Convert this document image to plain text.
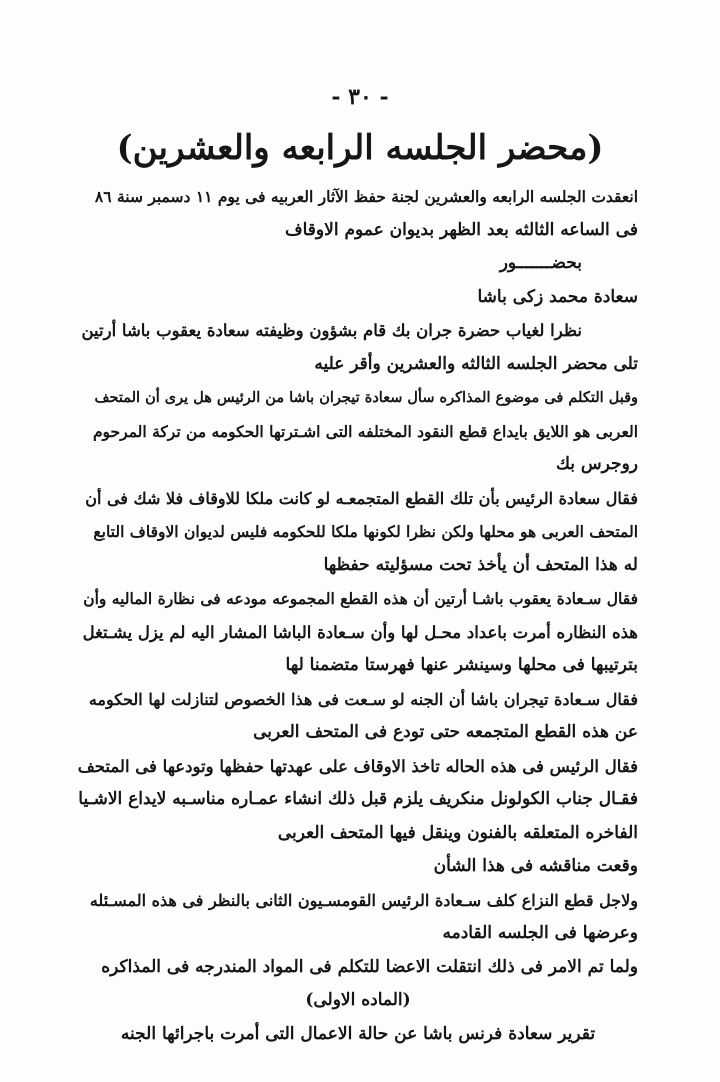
- ٣٠ -
(محضر الجلسه الرابعه والعشرين)
انعقدت الجلسه الرابعه والعشرين لجنة حفظ الآثار العربيه فى يوم ١١ دسمبر سنة ٨٦
فى الساعه الثالثه بعد الظهر بديوان عموم الاوقاف
بحضـــــــور
سعادة محمد زكى باشا
نظرا لغياب حضرة جران بك قام بشؤون وظيفته سعادة يعقوب باشا أرتين
تلى محضر الجلسه الثالثه والعشرين وأقر عليه
وقبل التكلم فى موضوع المذاكره سأل سعادة تيجران باشا من الرئيس هل يرى أن المتحف
العربى هو اللايق بايداع قطع النقود المختلفه التى اشـترتها الحكومه من تركة المرحوم
روجرس بك
فقال سعادة الرئيس بأن تلك القطع المتجمعـه لو كانت ملكا للاوقاف فلا شك فى أن
المتحف العربى هو محلها ولكن نظرا لكونها ملكا للحكومه فليس لديوان الاوقاف التابع
له هذا المتحف أن يأخذ تحت مسؤليته حفظها
فقال سـعادة يعقوب باشـا أرتين أن هذه القطع المجموعه مودعه فى نظارة الماليه وأن
هذه النظاره أمرت باعداد محـل لها وأن سـعادة الباشا المشار اليه لم يزل يشـتغل
بترتيبها فى محلها وسينشر عنها فهرستا متضمنا لها
فقال سـعادة تيجران باشا أن الجنه لو سـعت فى هذا الخصوص لتنازلت لها الحكومه
عن هذه القطع المتجمعه حتى تودع فى المتحف العربى
فقال الرئيس فى هذه الحاله تاخذ الاوقاف على عهدتها حفظها وتودعها فى المتحف
فقـال جناب الكولونل منكريف يلزم قبل ذلك انشاء عمـاره مناسـبه لايداع الاشـيا
الفاخره المتعلقه بالفنون وينقل فيها المتحف العربى
وقعت مناقشه فى هذا الشأن
ولاجل قطع النزاع كلف سـعادة الرئيس القومسـيون الثانى بالنظر فى هذه المسـئله
وعرضها فى الجلسه القادمه
ولما تم الامر فى ذلك انتقلت الاعضا للتكلم فى المواد المندرجه فى المذاكره
(الماده الاولى)
تقرير سعادة فرنس باشا عن حالة الاعمال التى أمرت باجرائها الجنه
